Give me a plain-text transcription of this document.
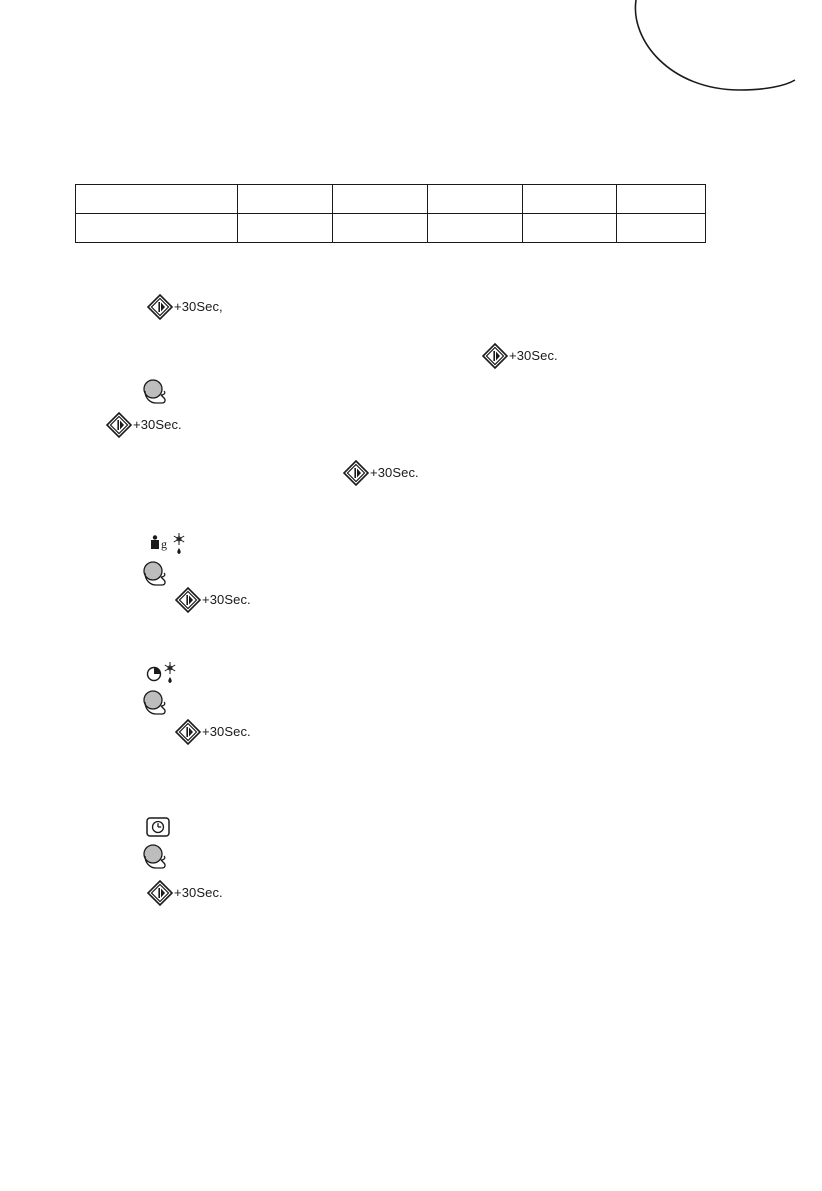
+30Sec,
+30Sec.
+30Sec.
+30Sec.
g
+30Sec.
+30Sec.
+30Sec.
